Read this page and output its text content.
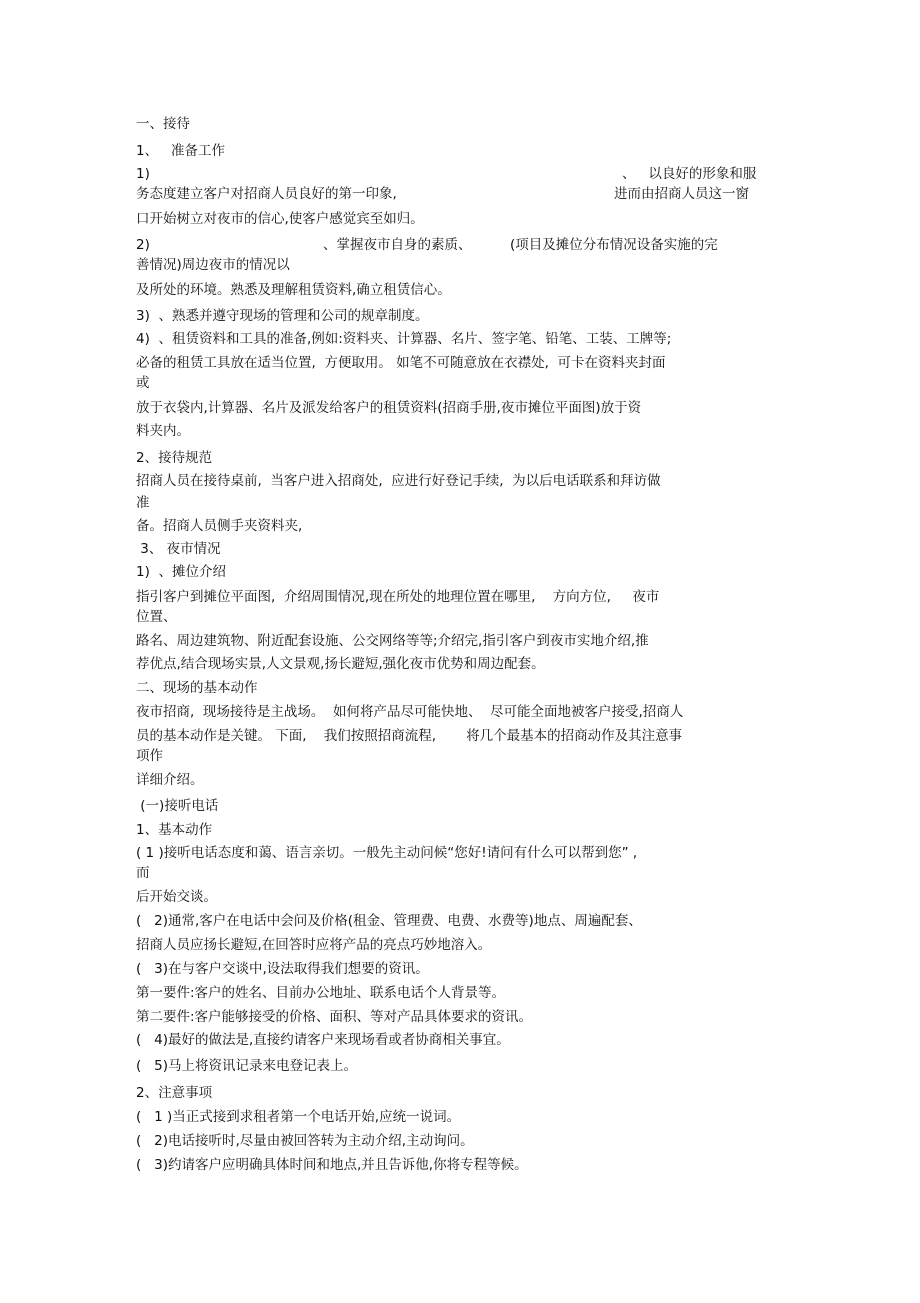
一、接待
1、   准备工作
1)	、   以良好的形象和服
务态度建立客户对招商人员良好的第一印象,	进而由招商人员这一窗
口开始树立对夜市的信心,使客户感觉宾至如归。
2)	、掌握夜市自身的素质、	(项目及摊位分布情况设备实施的完
善情况)周边夜市的情况以
及所处的环境。熟悉及理解租赁资料,确立租赁信心。
3)  、熟悉并遵守现场的管理和公司的规章制度。
4)  、租赁资料和工具的准备,例如:资料夹、计算器、名片、签字笔、铅笔、工装、工牌等;
必备的租赁工具放在适当位置,  方便取用。 如笔不可随意放在衣襟处,  可卡在资料夹封面
或
放于衣袋内,计算器、名片及派发给客户的租赁资料(招商手册,夜市摊位平面图)放于资
料夹内。
2、接待规范
招商人员在接待桌前,  当客户进入招商处,  应进行好登记手续,  为以后电话联系和拜访做
准
备。招商人员侧手夹资料夹,
3、 夜市情况
1)  、摊位介绍
指引客户到摊位平面图,  介绍周围情况,现在所处的地理位置在哪里,    方向方位,     夜市
位置、
路名、周边建筑物、附近配套设施、公交网络等等;介绍完,指引客户到夜市实地介绍,推
荐优点,结合现场实景,人文景观,扬长避短,强化夜市优势和周边配套。
二、现场的基本动作
夜市招商,  现场接待是主战场。  如何将产品尽可能快地、  尽可能全面地被客户接受,招商人
员的基本动作是关键。 下面,    我们按照招商流程,       将几个最基本的招商动作及其注意事
项作
详细介绍。
(一)接听电话
1、基本动作
( 1 )接听电话态度和蔼、语言亲切。一般先主动问候“您好!请问有什么可以帮到您” ,
而
后开始交谈。
(   2)通常,客户在电话中会问及价格(租金、管理费、电费、水费等)地点、周遍配套、
招商人员应扬长避短,在回答时应将产品的亮点巧妙地溶入。
(   3)在与客户交谈中,设法取得我们想要的资讯。
第一要件:客户的姓名、目前办公地址、联系电话个人背景等。
第二要件:客户能够接受的价格、面积、等对产品具体要求的资讯。
(   4)最好的做法是,直接约请客户来现场看或者协商相关事宜。
(   5)马上将资讯记录来电登记表上。
2、注意事项
(   1 )当正式接到求租者第一个电话开始,应统一说词。
(   2)电话接听时,尽量由被回答转为主动介绍,主动询问。
(   3)约请客户应明确具体时间和地点,并且告诉他,你将专程等候。
